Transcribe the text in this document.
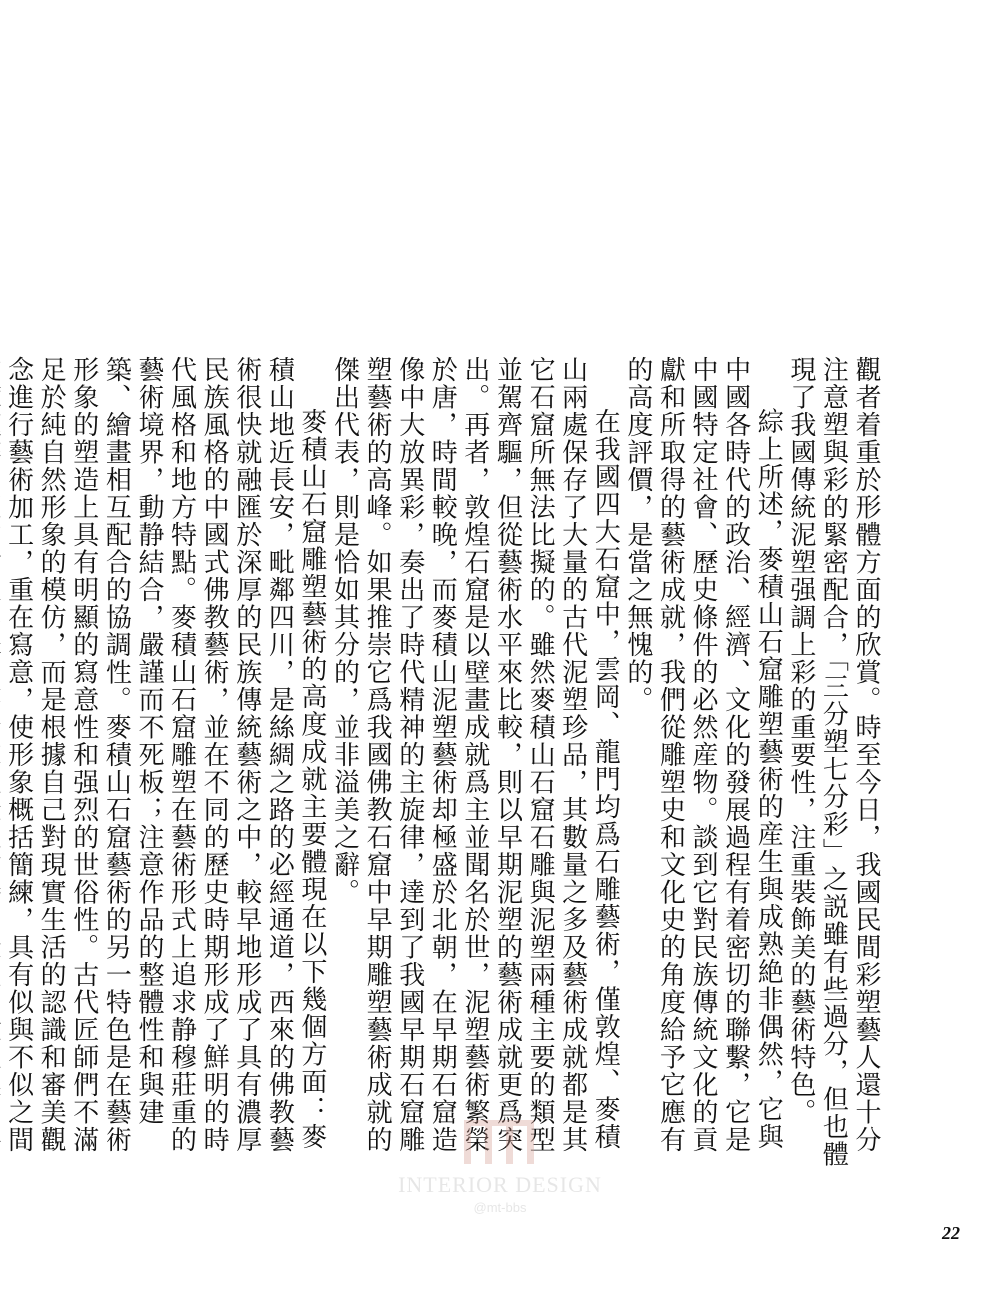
觀者着重於形體方面的欣賞。時至今日，我國民間彩塑藝人還十分注意塑與彩的緊密配合，「三分塑七分彩」之説雖有些過分，但也體現了我國傳統泥塑强調上彩的重要性，注重裝飾美的藝術特色。

綜上所述，麥積山石窟雕塑藝術的産生與成熟絶非偶然，它與中國各時代的政治、經濟、文化的發展過程有着密切的聯繫，它是中國特定社會、歷史條件的必然産物。談到它對民族傳統文化的貢獻和所取得的藝術成就，我們從雕塑史和文化史的角度給予它應有的高度評價，是當之無愧的。

在我國四大石窟中，雲岡、龍門均爲石雕藝術，僅敦煌、麥積山兩處保存了大量的古代泥塑珍品，其數量之多及藝術成就都是其它石窟所無法比擬的。雖然麥積山石窟石雕與泥塑兩種主要的類型並駕齊驅，但從藝術水平來比較，則以早期泥塑的藝術成就更爲突出。再者，敦煌石窟是以壁畫成就爲主並聞名於世，泥塑藝術繁榮於唐，時間較晚，而麥積山泥塑藝術却極盛於北朝，在早期石窟造像中大放異彩，奏出了時代精神的主旋律，達到了我國早期石窟雕塑藝術的高峰。如果推崇它爲我國佛教石窟中早期雕塑藝術成就的傑出代表，則是恰如其分的，並非溢美之辭。

麥積山石窟雕塑藝術的高度成就主要體現在以下幾個方面：麥積山地近長安，毗鄰四川，是絲綢之路的必經通道，西來的佛教藝術很快就融匯於深厚的民族傳統藝術之中，較早地形成了具有濃厚民族風格的中國式佛教藝術，並在不同的歷史時期形成了鮮明的時代風格和地方特點。麥積山石窟雕塑在藝術形式上追求静穆莊重的藝術境界，動静結合，嚴謹而不死板；注意作品的整體性和與建築、繪畫相互配合的協調性。麥積山石窟藝術的另一特色是在藝術形象的塑造上具有明顯的寫意性和强烈的世俗性。古代匠師們不滿足於純自然形象的模仿，而是根據自己對現實生活的認識和審美觀念進行藝術加工，重在寫意，使形象概括簡練，具有似與不似之間

INTERIOR DESIGN
@mt-bbs
22
